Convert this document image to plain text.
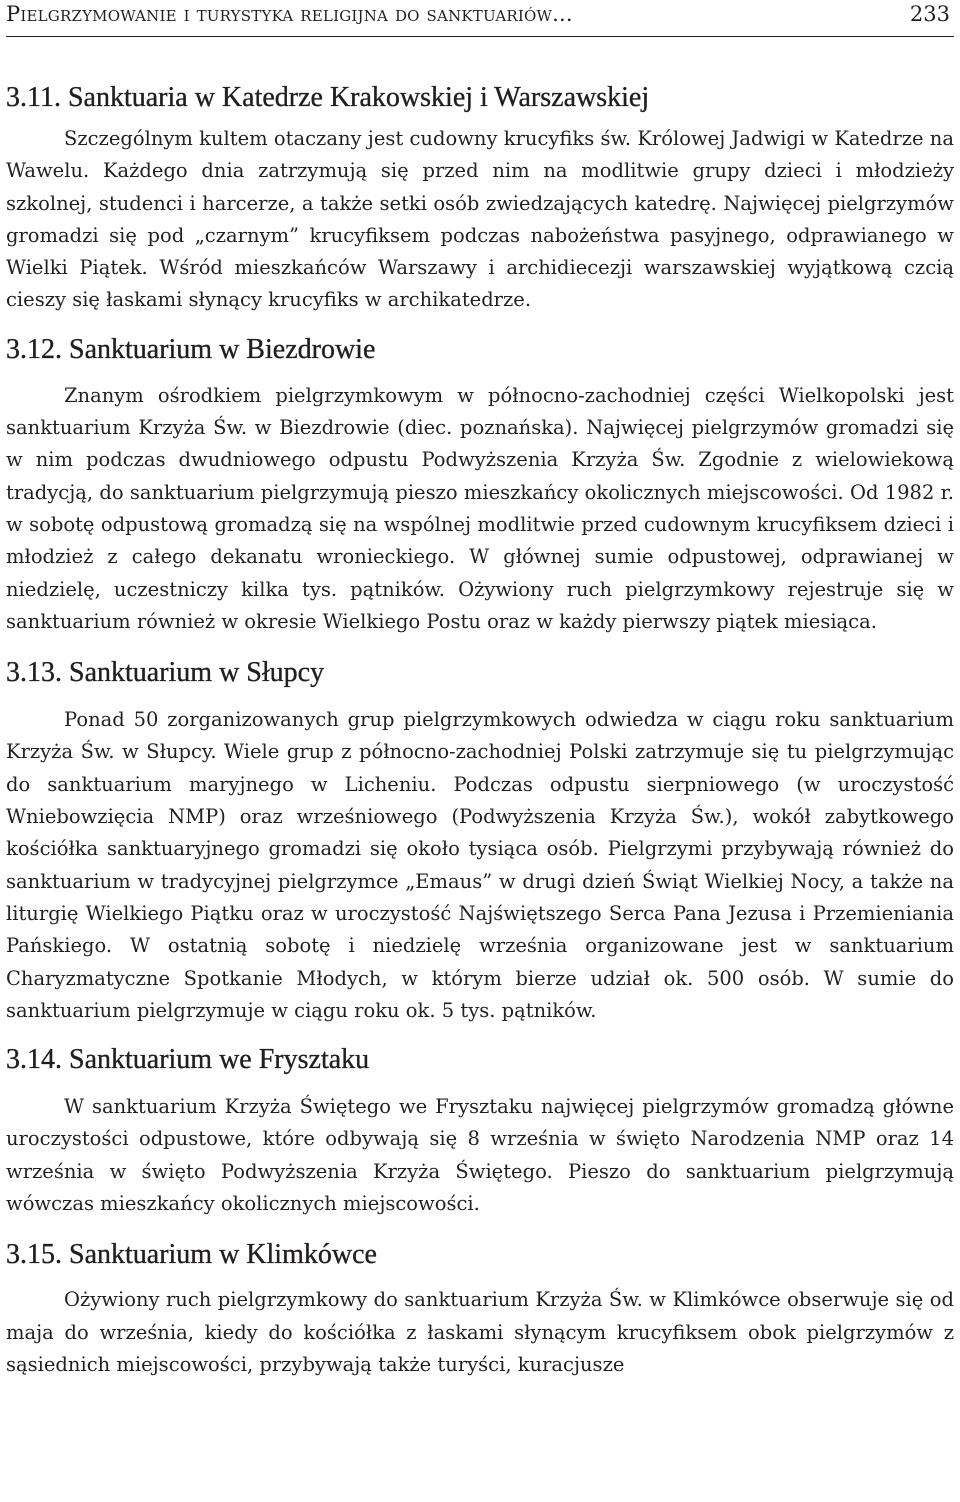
Pielgrzymowanie i turystyka religijna do sanktuariów...	233
3.11. Sanktuaria w Katedrze Krakowskiej i Warszawskiej

Szczególnym kultem otaczany jest cudowny krucyfiks św. Królowej Jadwigi w Katedrze na Wawelu. Każdego dnia zatrzymują się przed nim na modlitwie grupy dzieci i młodzieży szkolnej, studenci i harcerze, a także setki osób zwiedzających katedrę. Najwięcej pielgrzymów gromadzi się pod „czarnym” krucyfiksem podczas nabożeństwa pasyjnego, odprawianego w Wielki Piątek. Wśród mieszkańców Warszawy i archidiecezji warszawskiej wyjątkową czcią cieszy się łaskami słynący krucyfiks w archikatedrze.

3.12. Sanktuarium w Biezdrowie

Znanym ośrodkiem pielgrzymkowym w północno-zachodniej części Wielkopolski jest sanktuarium Krzyża Św. w Biezdrowie (diec. poznańska). Najwięcej pielgrzymów gromadzi się w nim podczas dwudniowego odpustu Podwyższenia Krzyża Św. Zgodnie z wielowiekową tradycją, do sanktuarium pielgrzymują pieszo mieszkańcy okolicznych miejscowości. Od 1982 r. w sobotę odpustową gromadzą się na wspólnej modlitwie przed cudownym krucyfiksem dzieci i młodzież z całego dekanatu wronieckiego. W głównej sumie odpustowej, odprawianej w niedzielę, uczestniczy kilka tys. pątników. Ożywiony ruch pielgrzymkowy rejestruje się w sanktuarium również w okresie Wielkiego Postu oraz w każdy pierwszy piątek miesiąca.

3.13. Sanktuarium w Słupcy

Ponad 50 zorganizowanych grup pielgrzymkowych odwiedza w ciągu roku sanktuarium Krzyża Św. w Słupcy. Wiele grup z północno-zachodniej Polski zatrzymuje się tu pielgrzymując do sanktuarium maryjnego w Licheniu. Podczas odpustu sierpniowego (w uroczystość Wniebowzięcia NMP) oraz wrześniowego (Podwyższenia Krzyża Św.), wokół zabytkowego kościółka sanktuaryjnego gromadzi się około tysiąca osób. Pielgrzymi przybywają również do sanktuarium w tradycyjnej pielgrzymce „Emaus” w drugi dzień Świąt Wielkiej Nocy, a także na liturgię Wielkiego Piątku oraz w uroczystość Najświętszego Serca Pana Jezusa i Przemieniania Pańskiego. W ostatnią sobotę i niedzielę września organizowane jest w sanktuarium Charyzmatyczne Spotkanie Młodych, w którym bierze udział ok. 500 osób. W sumie do sanktuarium pielgrzymuje w ciągu roku ok. 5 tys. pątników.

3.14. Sanktuarium we Frysztaku

W sanktuarium Krzyża Świętego we Frysztaku najwięcej pielgrzymów gromadzą główne uroczystości odpustowe, które odbywają się 8 września w święto Narodzenia NMP oraz 14 września w święto Podwyższenia Krzyża Świętego. Pieszo do sanktuarium pielgrzymują wówczas mieszkańcy okolicznych miejscowości.

3.15. Sanktuarium w Klimkówce

Ożywiony ruch pielgrzymkowy do sanktuarium Krzyża Św. w Klimkówce obserwuje się od maja do września, kiedy do kościółka z łaskami słynącym krucyfiksem obok pielgrzymów z sąsiednich miejscowości, przybywają także turyści, kuracjusze
